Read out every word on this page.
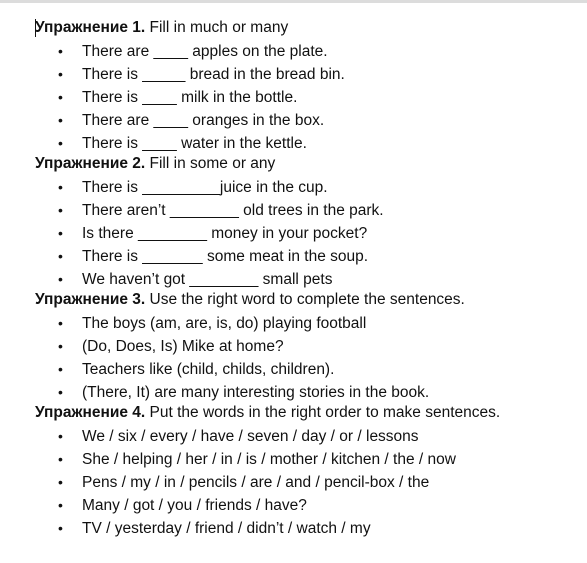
Упражнение 1. Fill in much or many
• There are ____ apples on the plate.
• There is _____ bread in the bread bin.
• There is ____ milk in the bottle.
• There are ____ oranges in the box.
• There is ____ water in the kettle.
Упражнение 2. Fill in some or any
• There is _________juice in the cup.
• There aren’t ________ old trees in the park.
• Is there ________ money in your pocket?
• There is _______ some meat in the soup.
• We haven’t got ________ small pets
Упражнение 3. Use the right word to complete the sentences.
• The boys (am, are, is, do) playing football
• (Do, Does, Is) Mike at home?
• Teachers like (child, childs, children).
• (There, It) are many interesting stories in the book.
Упражнение 4. Put the words in the right order to make sentences.
• We / six / every / have / seven / day / or / lessons
• She / helping / her / in / is / mother / kitchen / the / now
• Pens / my / in / pencils / are / and / pencil-box / the
• Many / got / you / friends / have?
• TV / yesterday / friend / didn’t / watch / my
